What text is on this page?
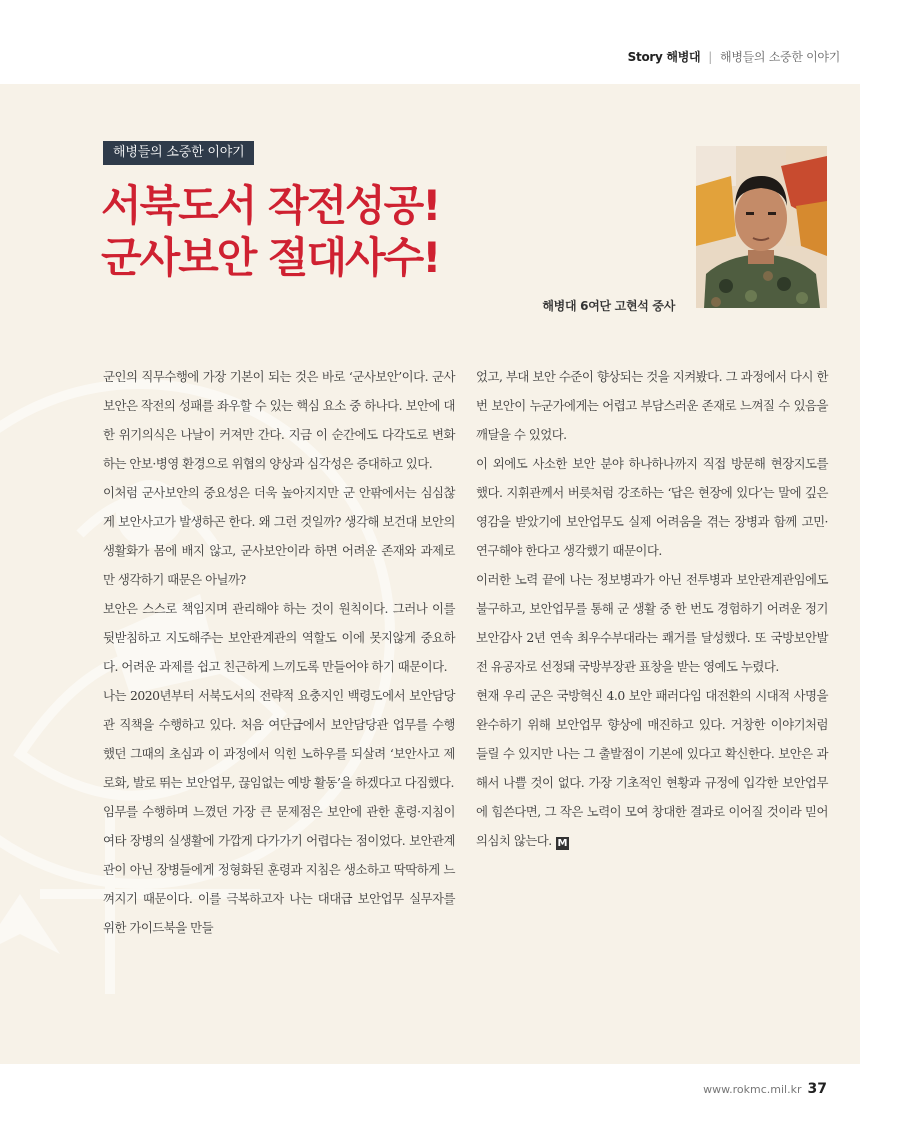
Story 해병대 | 해병들의 소중한 이야기
해병들의 소중한 이야기
서북도서 작전성공!
군사보안 절대사수!
해병대 6여단 고현석 중사

군인의 직무수행에 가장 기본이 되는 것은 바로 ‘군사보안’이다. 군사보안은 작전의 성패를 좌우할 수 있는 핵심 요소 중 하나다. 보안에 대한 위기의식은 나날이 커져만 간다. 지금 이 순간에도 다각도로 변화하는 안보·병영 환경으로 위협의 양상과 심각성은 증대하고 있다.

이처럼 군사보안의 중요성은 더욱 높아지지만 군 안팎에서는 심심찮게 보안사고가 발생하곤 한다. 왜 그런 것일까? 생각해 보건대 보안의 생활화가 몸에 배지 않고, 군사보안이라 하면 어려운 존재와 과제로만 생각하기 때문은 아닐까?

보안은 스스로 책임지며 관리해야 하는 것이 원칙이다. 그러나 이를 뒷받침하고 지도해주는 보안관계관의 역할도 이에 못지않게 중요하다. 어려운 과제를 쉽고 친근하게 느끼도록 만들어야 하기 때문이다.

나는 2020년부터 서북도서의 전략적 요충지인 백령도에서 보안담당관 직책을 수행하고 있다. 처음 여단급에서 보안담당관 업무를 수행했던 그때의 초심과 이 과정에서 익힌 노하우를 되살려 ‘보안사고 제로화, 발로 뛰는 보안업무, 끊임없는 예방 활동’을 하겠다고 다짐했다.

임무를 수행하며 느꼈던 가장 큰 문제점은 보안에 관한 훈령·지침이 여타 장병의 실생활에 가깝게 다가가기 어렵다는 점이었다. 보안관계관이 아닌 장병들에게 정형화된 훈령과 지침은 생소하고 딱딱하게 느껴지기 때문이다. 이를 극복하고자 나는 대대급 보안업무 실무자를 위한 가이드북을 만들

었고, 부대 보안 수준이 향상되는 것을 지켜봤다. 그 과정에서 다시 한 번 보안이 누군가에게는 어렵고 부담스러운 존재로 느껴질 수 있음을 깨달을 수 있었다.

이 외에도 사소한 보안 분야 하나하나까지 직접 방문해 현장지도를 했다. 지휘관께서 버릇처럼 강조하는 ‘답은 현장에 있다’는 말에 깊은 영감을 받았기에 보안업무도 실제 어려움을 겪는 장병과 함께 고민·연구해야 한다고 생각했기 때문이다.

이러한 노력 끝에 나는 정보병과가 아닌 전투병과 보안관계관임에도 불구하고, 보안업무를 통해 군 생활 중 한 번도 경험하기 어려운 정기보안감사 2년 연속 최우수부대라는 쾌거를 달성했다. 또 국방보안발전 유공자로 선정돼 국방부장관 표창을 받는 영예도 누렸다.

현재 우리 군은 국방혁신 4.0 보안 패러다임 대전환의 시대적 사명을 완수하기 위해 보안업무 향상에 매진하고 있다. 거창한 이야기처럼 들릴 수 있지만 나는 그 출발점이 기본에 있다고 확신한다. 보안은 과해서 나쁠 것이 없다. 가장 기초적인 현황과 규정에 입각한 보안업무에 힘쓴다면, 그 작은 노력이 모여 창대한 결과로 이어질 것이라 믿어 의심치 않는다. M

www.rokmc.mil.kr 37
